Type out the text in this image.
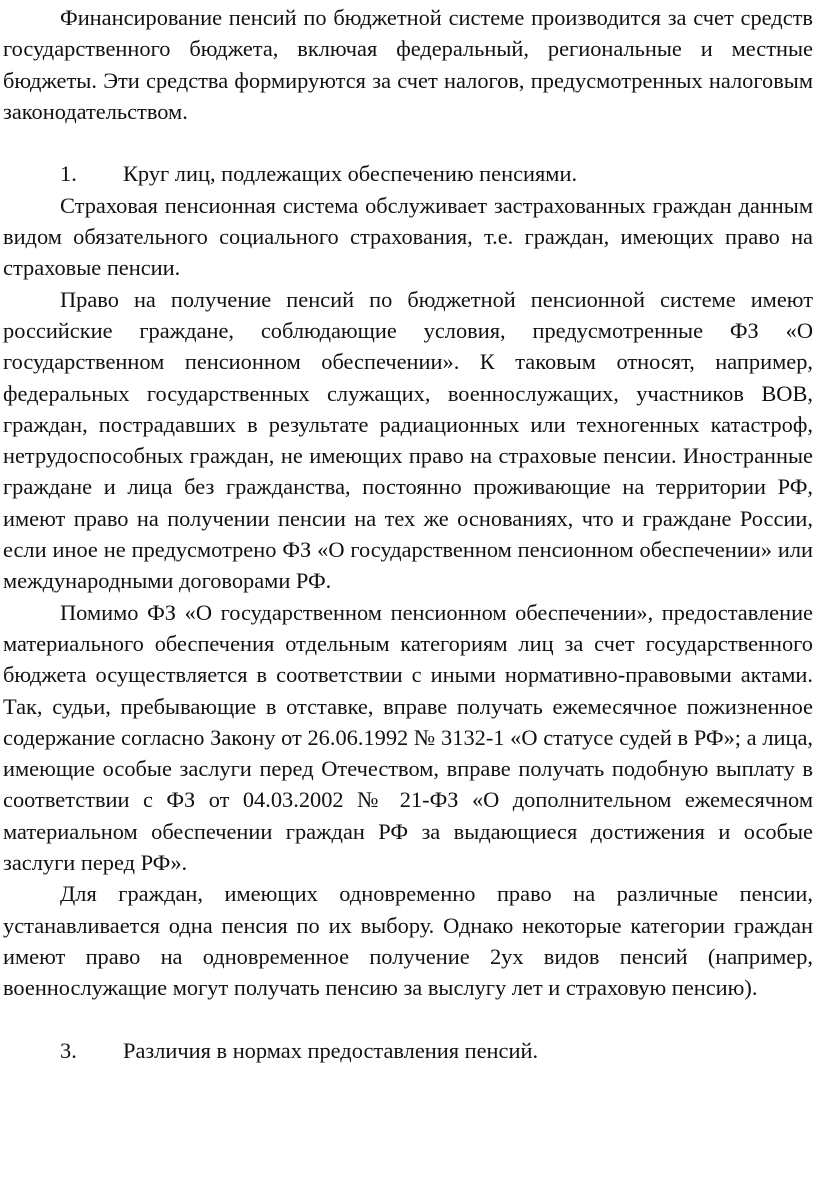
Финансирование пенсий по бюджетной системе производится за счет средств государственного бюджета, включая федеральный, региональные и местные бюджеты. Эти средства формируются за счет налогов, предусмотренных налоговым законодательством.

1.	Круг лиц, подлежащих обеспечению пенсиями.

Страховая пенсионная система обслуживает застрахованных граждан данным видом обязательного социального страхования, т.е. граждан, имеющих право на страховые пенсии.

Право на получение пенсий по бюджетной пенсионной системе имеют российские граждане, соблюдающие условия, предусмотренные ФЗ «О государственном пенсионном обеспечении». К таковым относят, например, федеральных государственных служащих, военнослужащих, участников ВОВ, граждан, пострадавших в результате радиационных или техногенных катастроф, нетрудоспособных граждан, не имеющих право на страховые пенсии. Иностранные граждане и лица без гражданства, постоянно проживающие на территории РФ, имеют право на получении пенсии на тех же основаниях, что и граждане России, если иное не предусмотрено ФЗ «О государственном пенсионном обеспечении» или международными договорами РФ.

Помимо ФЗ «О государственном пенсионном обеспечении», предоставление материального обеспечения отдельным категориям лиц за счет государственного бюджета осуществляется в соответствии с иными нормативно-правовыми актами. Так, судьи, пребывающие в отставке, вправе получать ежемесячное пожизненное содержание согласно Закону от 26.06.1992 № 3132-1 «О статусе судей в РФ»; а лица, имеющие особые заслуги перед Отечеством, вправе получать подобную выплату в соответствии с ФЗ от 04.03.2002 № 21-ФЗ «О дополнительном ежемесячном материальном обеспечении граждан РФ за выдающиеся достижения и особые заслуги перед РФ».

Для граждан, имеющих одновременно право на различные пенсии, устанавливается одна пенсия по их выбору. Однако некоторые категории граждан имеют право на одновременное получение 2ух видов пенсий (например, военнослужащие могут получать пенсию за выслугу лет и страховую пенсию).

3.	Различия в нормах предоставления пенсий.
